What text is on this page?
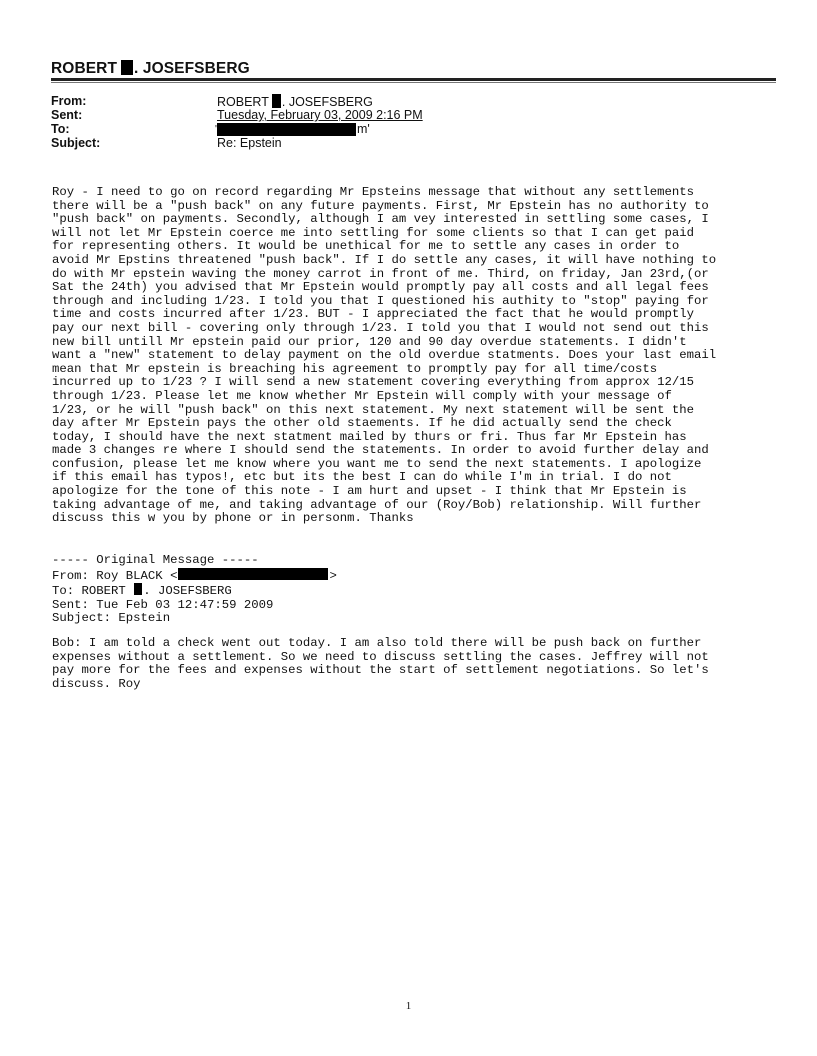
ROBERT . JOSEFSBERG
From:	ROBERT . JOSEFSBERG
Sent:	Tuesday, February 03, 2009 2:16 PM
To:	'	m'
Subject:	Re: Epstein
Roy - I need to go on record regarding Mr Epsteins message that without any settlements
there will be a "push back" on any future payments. First, Mr Epstein has no authority to
"push back" on payments. Secondly, although I am vey interested in settling some cases, I
will not let Mr Epstein coerce me into settling for some clients so that I can get paid
for representing others. It would be unethical for me to settle any cases in order to
avoid Mr Epstins threatened "push back". If I do settle any cases, it will have nothing to
do with Mr epstein waving the money carrot in front of me. Third, on friday, Jan 23rd,(or
Sat the 24th) you advised that Mr Epstein would promptly pay all costs and all legal fees
through and including 1/23. I told you that I questioned his authity to "stop" paying for
time and costs incurred after 1/23. BUT - I appreciated the fact that he would promptly
pay our next bill - covering only through 1/23. I told you that I would not send out this
new bill untill Mr epstein paid our prior, 120 and 90 day overdue statements. I didn't
want a "new" statement to delay payment on the old overdue statments. Does your last email
mean that Mr epstein is breaching his agreement to promptly pay for all time/costs
incurred up to 1/23 ? I will send a new statement covering everything from approx 12/15
through 1/23. Please let me know whether Mr Epstein will comply with your message of
1/23, or he will "push back" on this next statement. My next statement will be sent the
day after Mr Epstein pays the other old staements. If he did actually send the check
today, I should have the next statment mailed by thurs or fri. Thus far Mr Epstein has
made 3 changes re where I should send the statements. In order to avoid further delay and
confusion, please let me know where you want me to send the next statements. I apologize
if this email has typos!, etc but its the best I can do while I'm in trial. I do not
apologize for the tone of this note - I am hurt and upset - I think that Mr Epstein is
taking advantage of me, and taking advantage of our (Roy/Bob) relationship. Will further
discuss this w you by phone or in personm. Thanks
----- Original Message -----
From: Roy BLACK <	>
To: ROBERT . JOSEFSBERG
Sent: Tue Feb 03 12:47:59 2009
Subject: Epstein
Bob: I am told a check went out today. I am also told there will be push back on further
expenses without a settlement. So we need to discuss settling the cases. Jeffrey will not
pay more for the fees and expenses without the start of settlement negotiations. So let's
discuss. Roy
1
